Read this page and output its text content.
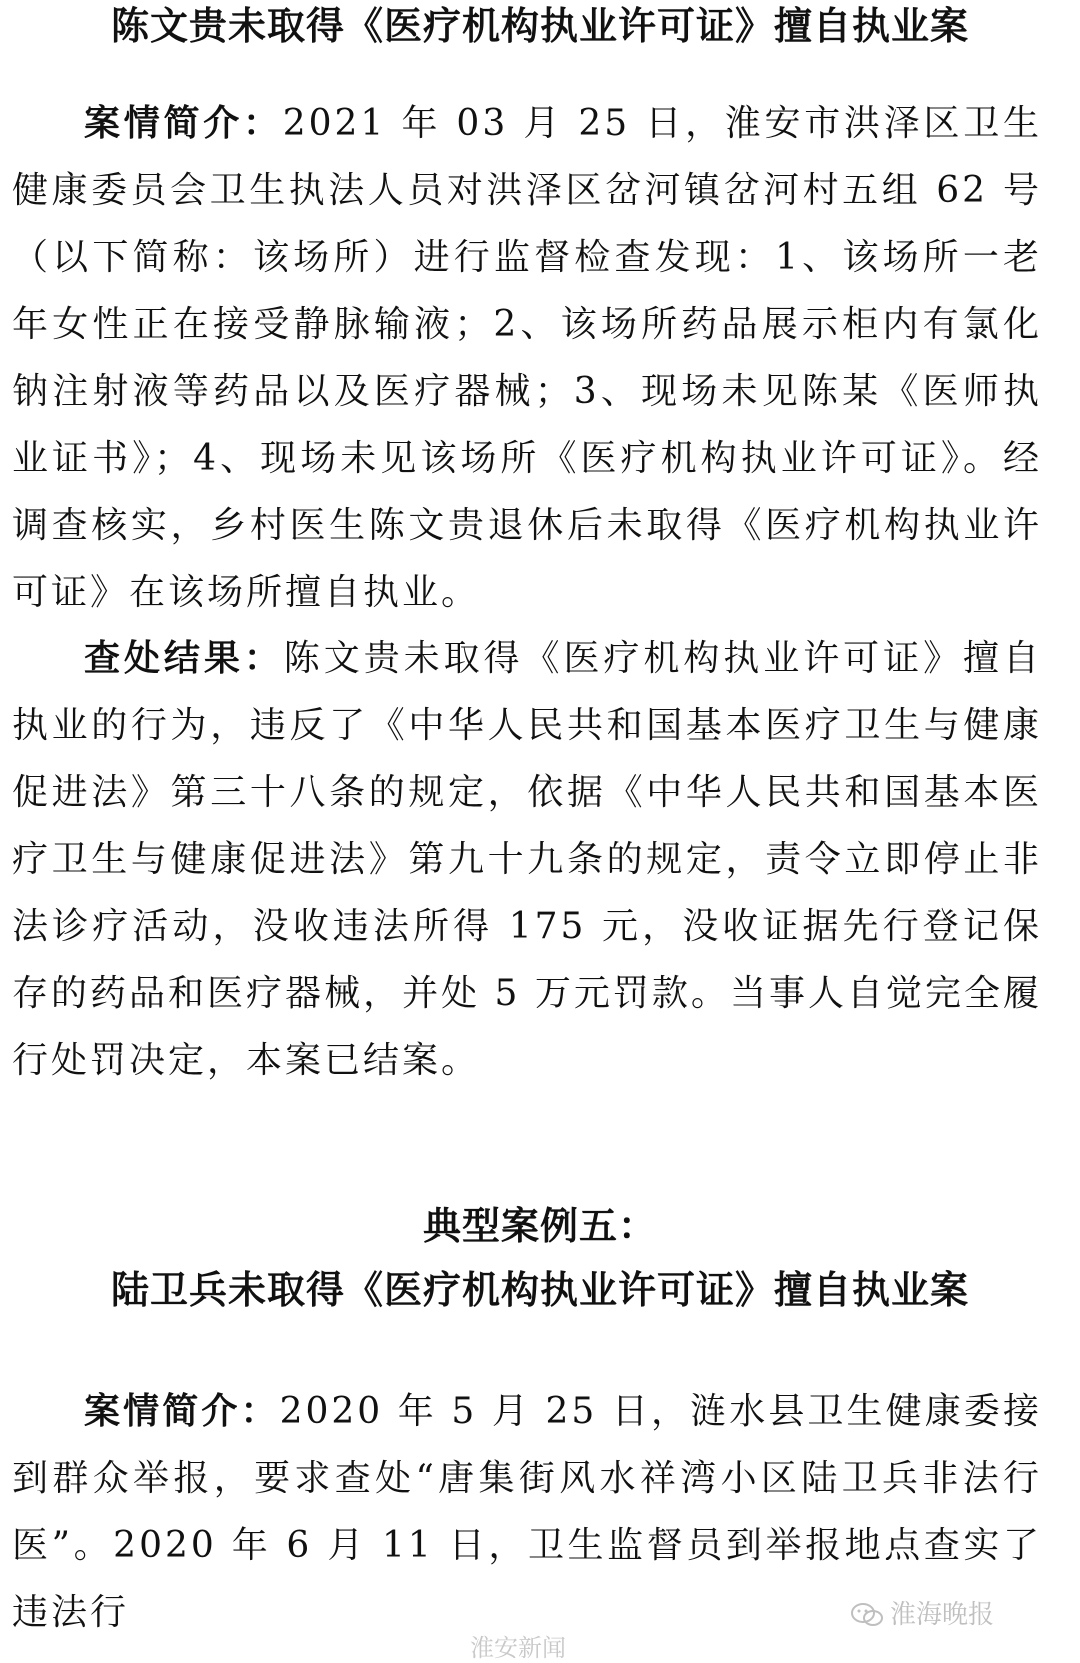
陈文贵未取得《医疗机构执业许可证》擅自执业案

案情简介：2021 年 03 月 25 日，淮安市洪泽区卫生健康委员会卫生执法人员对洪泽区岔河镇岔河村五组 62 号（以下简称：该场所）进行监督检查发现：1、该场所一老年女性正在接受静脉输液；2、该场所药品展示柜内有氯化钠注射液等药品以及医疗器械；3、现场未见陈某《医师执业证书》；4、现场未见该场所《医疗机构执业许可证》。经调查核实，乡村医生陈文贵退休后未取得《医疗机构执业许可证》在该场所擅自执业。

查处结果：陈文贵未取得《医疗机构执业许可证》擅自执业的行为，违反了《中华人民共和国基本医疗卫生与健康促进法》第三十八条的规定，依据《中华人民共和国基本医疗卫生与健康促进法》第九十九条的规定，责令立即停止非法诊疗活动，没收违法所得 175 元，没收证据先行登记保存的药品和医疗器械，并处 5 万元罚款。当事人自觉完全履行处罚决定，本案已结案。

典型案例五：
陆卫兵未取得《医疗机构执业许可证》擅自执业案

案情简介：2020 年 5 月 25 日，涟水县卫生健康委接到群众举报，要求查处“唐集街风水祥湾小区陆卫兵非法行医”。2020 年 6 月 11 日，卫生监督员到举报地点查实了违法行

淮安新闻
淮海晚报
